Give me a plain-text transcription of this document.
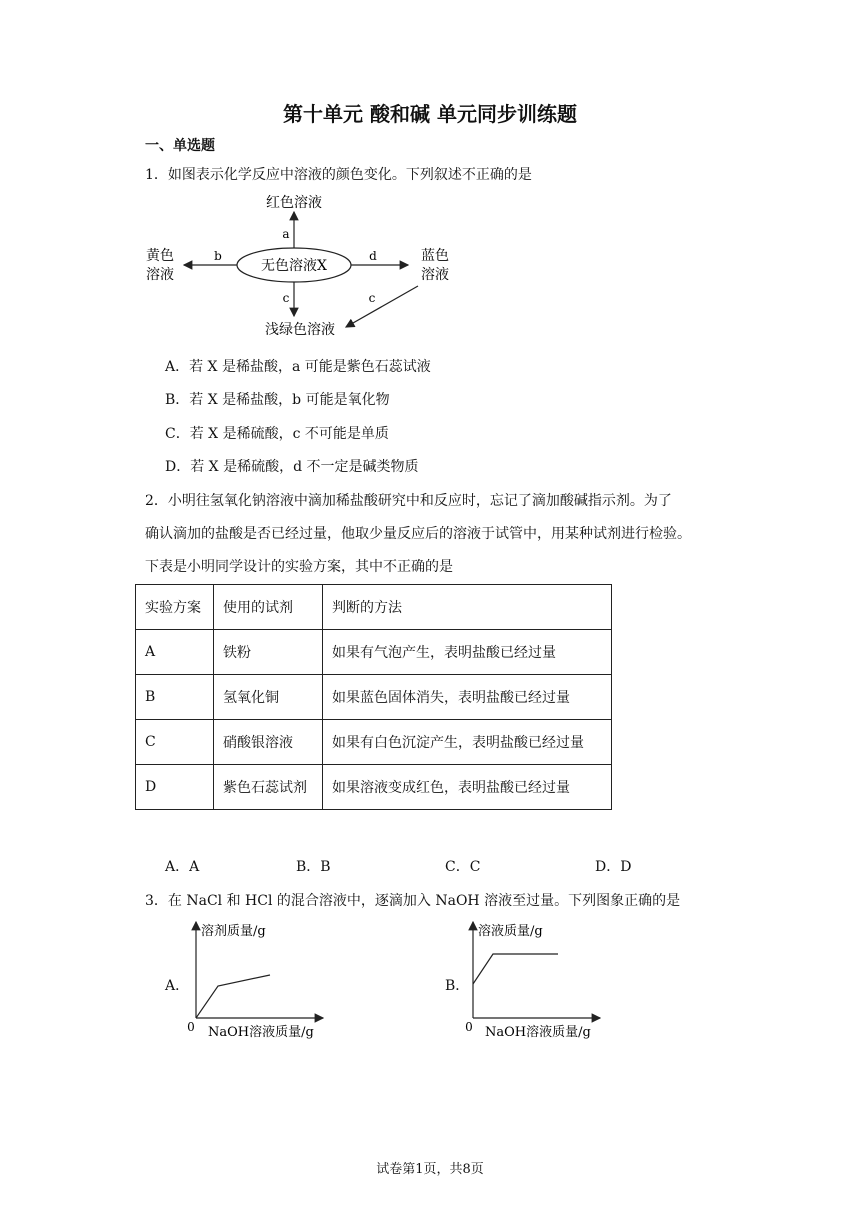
第十单元 酸和碱 单元同步训练题
一、单选题
1．如图表示化学反应中溶液的颜色变化。下列叙述不正确的是
无色溶液X
a
红色溶液
b
黄色
溶液
d	蓝色
溶液
c
浅绿色溶液
c
A．若 X 是稀盐酸，a 可能是紫色石蕊试液
B．若 X 是稀盐酸，b 可能是氧化物
C．若 X 是稀硫酸，c 不可能是单质
D．若 X 是稀硫酸，d 不一定是碱类物质
2．小明往氢氧化钠溶液中滴加稀盐酸研究中和反应时，忘记了滴加酸碱指示剂。为了
确认滴加的盐酸是否已经过量，他取少量反应后的溶液于试管中，用某种试剂进行检验。
下表是小明同学设计的实验方案，其中不正确的是
实验方案	使用的试剂	判断的方法
A	铁粉	如果有气泡产生，表明盐酸已经过量
B	氢氧化铜	如果蓝色固体消失，表明盐酸已经过量
C	硝酸银溶液	如果有白色沉淀产生，表明盐酸已经过量
D	紫色石蕊试剂	如果溶液变成红色，表明盐酸已经过量
A．A	B．B	C．C	D．D
3．在 NaCl 和 HCl 的混合溶液中，逐滴加入 NaOH 溶液至过量。下列图象正确的是
A．
溶剂质量/g
0 NaOH溶液质量/g
B．
溶液质量/g
0 NaOH溶液质量/g
试卷第1页，共8页
